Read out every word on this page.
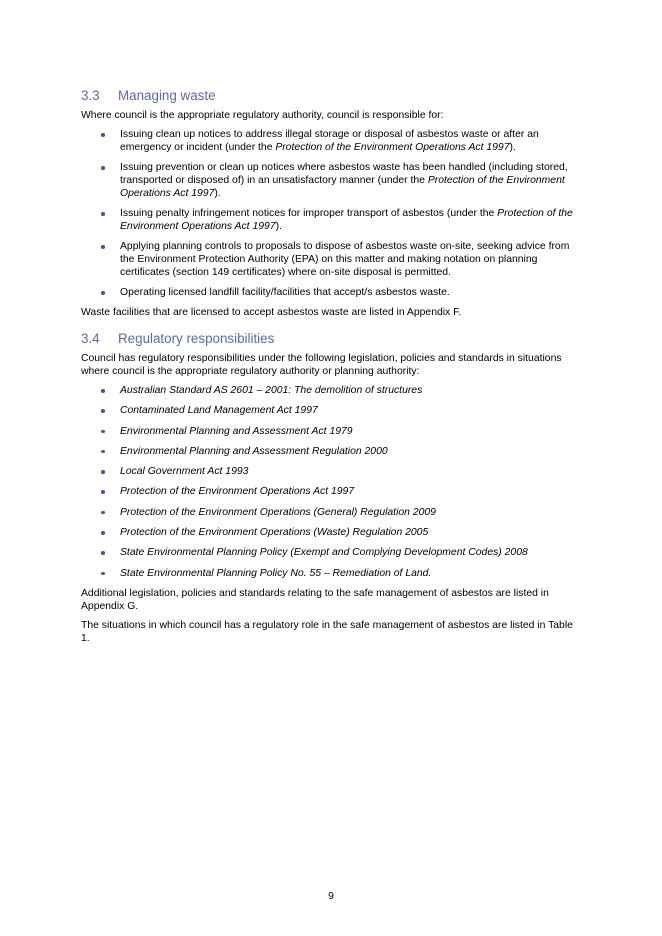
3.3	Managing waste

Where council is the appropriate regulatory authority, council is responsible for:

Issuing clean up notices to address illegal storage or disposal of asbestos waste or after an emergency or incident (under the Protection of the Environment Operations Act 1997).
Issuing prevention or clean up notices where asbestos waste has been handled (including stored, transported or disposed of) in an unsatisfactory manner (under the Protection of the Environment Operations Act 1997).
Issuing penalty infringement notices for improper transport of asbestos (under the Protection of the Environment Operations Act 1997).
Applying planning controls to proposals to dispose of asbestos waste on-site, seeking advice from the Environment Protection Authority (EPA) on this matter and making notation on planning certificates (section 149 certificates) where on-site disposal is permitted.
Operating licensed landfill facility/facilities that accept/s asbestos waste.

Waste facilities that are licensed to accept asbestos waste are listed in Appendix F.

3.4	Regulatory responsibilities

Council has regulatory responsibilities under the following legislation, policies and standards in situations where council is the appropriate regulatory authority or planning authority:

Australian Standard AS 2601 – 2001: The demolition of structures
Contaminated Land Management Act 1997
Environmental Planning and Assessment Act 1979
Environmental Planning and Assessment Regulation 2000
Local Government Act 1993
Protection of the Environment Operations Act 1997
Protection of the Environment Operations (General) Regulation 2009
Protection of the Environment Operations (Waste) Regulation 2005
State Environmental Planning Policy (Exempt and Complying Development Codes) 2008
State Environmental Planning Policy No. 55 – Remediation of Land.

Additional legislation, policies and standards relating to the safe management of asbestos are listed in Appendix G.

The situations in which council has a regulatory role in the safe management of asbestos are listed in Table 1.

9
